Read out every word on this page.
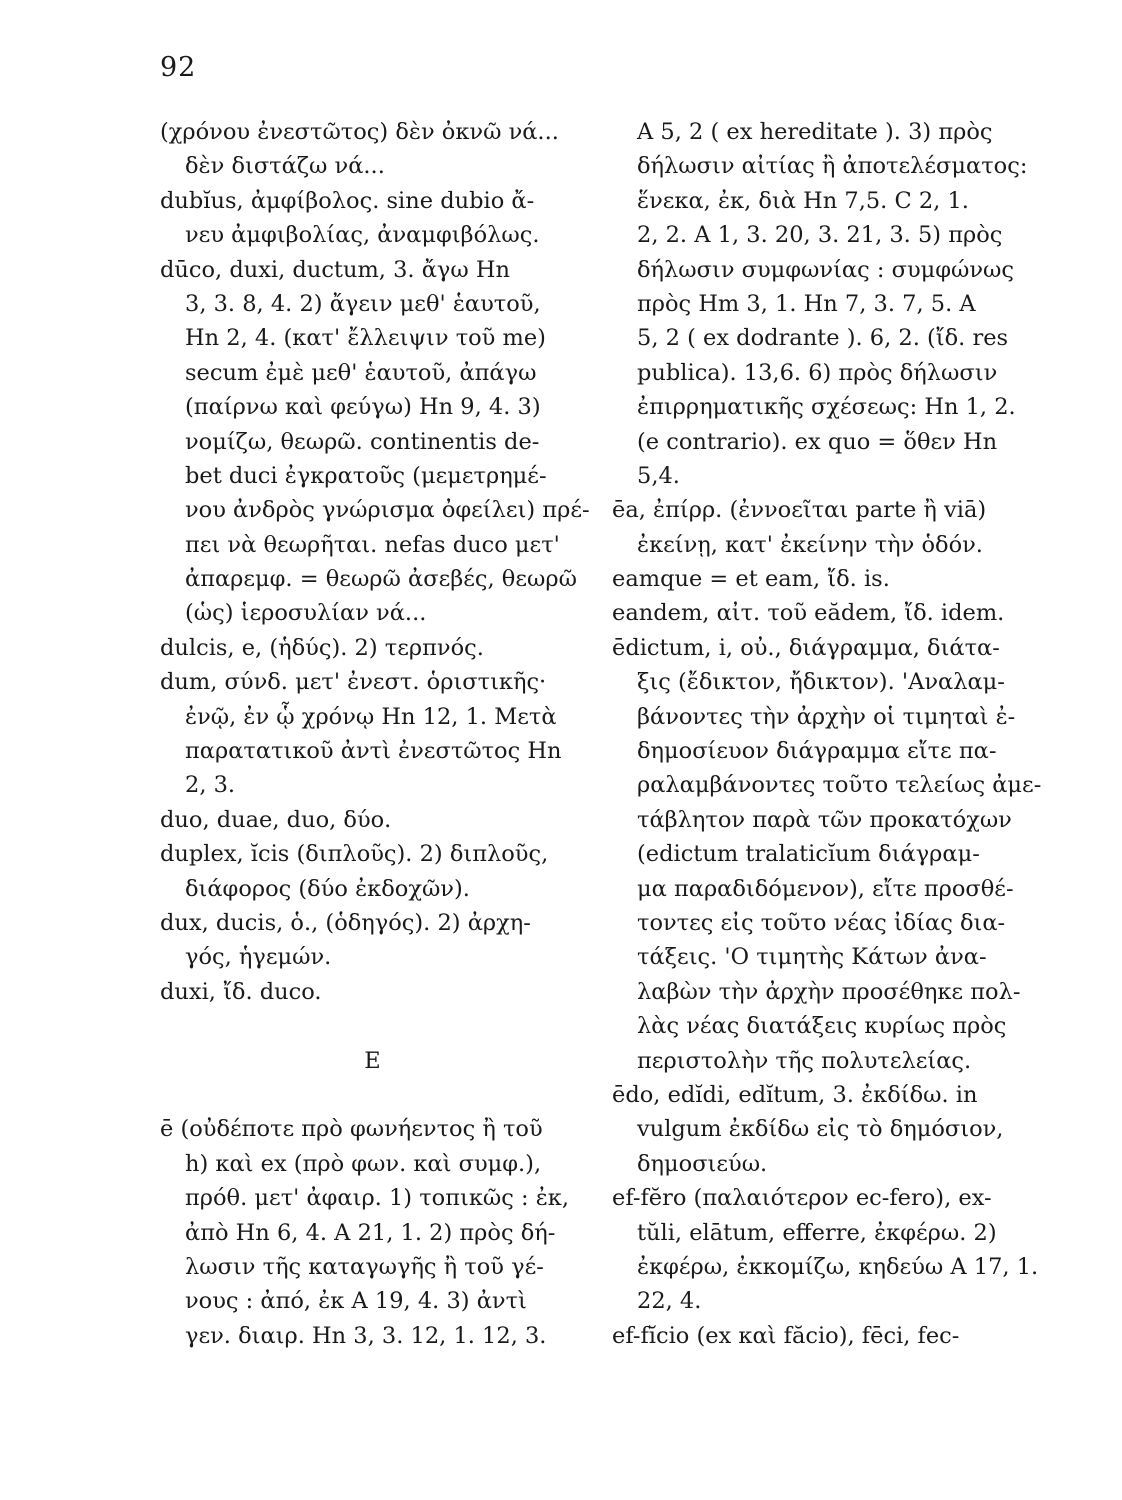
92
(χρόνου ἐνεστῶτος) δὲν ὀκνῶ νά...
δὲν διστάζω νά...
dubĭus, ἀμφίβολος. sine dubio ἄ-
νευ ἀμφιβολίας, ἀναμφιβόλως.
dūco, duxi, ductum, 3. ἄγω Hn
3, 3. 8, 4. 2) ἄγειν μεθ' ἑαυτοῦ,
Hn 2, 4. (κατ' ἔλλειψιν τοῦ me)
secum ἐμὲ μεθ' ἑαυτοῦ, ἀπάγω
(παίρνω καὶ φεύγω) Hn 9, 4. 3)
νομίζω, θεωρῶ. continentis de-
bet duci ἐγκρατοῦς (μεμετρημέ-
νου ἀνδρὸς γνώρισμα ὀφείλει) πρέ-
πει νὰ θεωρῆται. nefas duco μετ'
ἀπαρεμφ. = θεωρῶ ἀσεβές, θεωρῶ
(ὡς) ἱεροσυλίαν νά...
dulcis, e, (ἡδύς). 2) τερπνός.
dum, σύνδ. μετ' ἐνεστ. ὁριστικῆς·
ἐνῷ, ἐν ᾧ χρόνῳ Hn 12, 1. Μετὰ
παρατατικοῦ ἀντὶ ἐνεστῶτος Hn
2, 3.
duo, duae, duo, δύο.
duplex, ĭcis (διπλοῦς). 2) διπλοῦς,
διάφορος (δύο ἐκδοχῶν).
dux, ducis, ὁ., (ὁδηγός). 2) ἀρχη-
γός, ἡγεμών.
duxi, ἴδ. duco.
E
ē (οὐδέποτε πρὸ φωνήεντος ἢ τοῦ
h) καὶ ex (πρὸ φων. καὶ συμφ.),
πρόθ. μετ' ἀφαιρ. 1) τοπικῶς : ἐκ,
ἀπὸ Hn 6, 4. A 21, 1. 2) πρὸς δή-
λωσιν τῆς καταγωγῆς ἢ τοῦ γέ-
νους : ἀπό, ἐκ A 19, 4. 3) ἀντὶ
γεν. διαιρ. Hn 3, 3. 12, 1. 12, 3.
A 5, 2 ( ex hereditate ). 3) πρὸς
δήλωσιν αἰτίας ἢ ἀποτελέσματος:
ἕνεκα, ἐκ, διὰ Hn 7,5. C 2, 1.
2, 2. A 1, 3. 20, 3. 21, 3. 5) πρὸς
δήλωσιν συμφωνίας : συμφώνως
πρὸς Hm 3, 1. Hn 7, 3. 7, 5. A
5, 2 ( ex dodrante ). 6, 2. (ἴδ. res
publica). 13,6. 6) πρὸς δήλωσιν
ἐπιρρηματικῆς σχέσεως: Hn 1, 2.
(e contrario). ex quo = ὅθεν Hn
5,4.
ēa, ἐπίρρ. (ἐννοεῖται parte ἢ viā)
ἐκείνῃ, κατ' ἐκείνην τὴν ὁδόν.
eamque = et eam, ἴδ. is.
eandem, αἰτ. τοῦ eădem, ἴδ. idem.
ēdictum, i, οὐ., διάγραμμα, διάτα-
ξις (ἔδικτον, ἤδικτον). 'Αναλαμ-
βάνοντες τὴν ἀρχὴν οἱ τιμηταὶ ἐ-
δημοσίευον διάγραμμα εἴτε πα-
ραλαμβάνοντες τοῦτο τελείως ἀμε-
τάβλητον παρὰ τῶν προκατόχων
(edictum tralaticĭum διάγραμ-
μα παραδιδόμενον), εἴτε προσθέ-
τοντες εἰς τοῦτο νέας ἰδίας δια-
τάξεις. 'Ο τιμητὴς Κάτων ἀνα-
λαβὼν τὴν ἀρχὴν προσέθηκε πολ-
λὰς νέας διατάξεις κυρίως πρὸς
περιστολὴν τῆς πολυτελείας.
ēdo, edĭdi, edĭtum, 3. ἐκδίδω. in
vulgum ἐκδίδω εἰς τὸ δημόσιον,
δημοσιεύω.
ef-fĕro (παλαιότερον ec-fero), ex-
tŭli, elātum, efferre, ἐκφέρω. 2)
ἐκφέρω, ἐκκομίζω, κηδεύω A 17, 1.
22, 4.
ef-fĭcio (ex καὶ făcio), fēci, fec-
